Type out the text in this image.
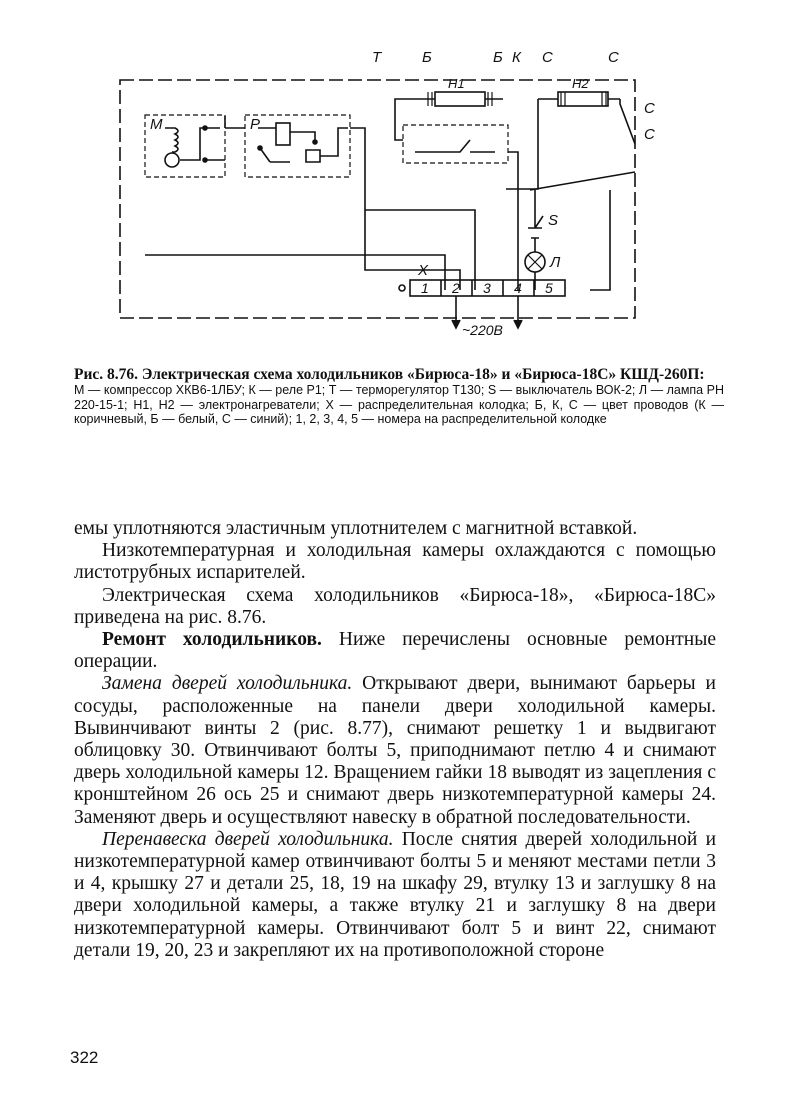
Т	Б	Б К С	С
С
С
Н1	Н2
М	Р
S
Л
Х
1 2 3 4 5
~220В

Рис. 8.76. Электрическая схема холодильников «Бирюса-18» и «Бирюса-18С» КШД-260П:

М — компрессор ХКВ6-1ЛБУ; К — реле Р1; Т — терморегулятор Т130; S — выключатель ВОК-2; Л — лампа РН 220-15-1; Н1, Н2 — электронагреватели; Х — распределительная колодка; Б, К, С — цвет проводов (К — коричневый, Б — белый, С — синий); 1, 2, 3, 4, 5 — номера на распределительной колодке

емы уплотняются эластичным уплотнителем с магнитной вставкой.

Низкотемпературная и холодильная камеры охлаждаются с помощью листотрубных испарителей.

Электрическая схема холодильников «Бирюса-18», «Бирюса-18С» приведена на рис. 8.76.

Ремонт холодильников. Ниже перечислены основные ремонтные операции.

Замена дверей холодильника. Открывают двери, вынимают барьеры и сосуды, расположенные на панели двери холодильной камеры. Вывинчивают винты 2 (рис. 8.77), снимают решетку 1 и выдвигают облицовку 30. Отвинчивают болты 5, приподнимают петлю 4 и снимают дверь холодильной камеры 12. Вращением гайки 18 выводят из зацепления с кронштейном 26 ось 25 и снимают дверь низкотемпературной камеры 24. Заменяют дверь и осуществляют навеску в обратной последовательности.

Перенавеска дверей холодильника. После снятия дверей холодильной и низкотемпературной камер отвинчивают болты 5 и меняют местами петли 3 и 4, крышку 27 и детали 25, 18, 19 на шкафу 29, втулку 13 и заглушку 8 на двери холодильной камеры, а также втулку 21 и заглушку 8 на двери низкотемпературной камеры. Отвинчивают болт 5 и винт 22, снимают детали 19, 20, 23 и закрепляют их на противоположной стороне

322
